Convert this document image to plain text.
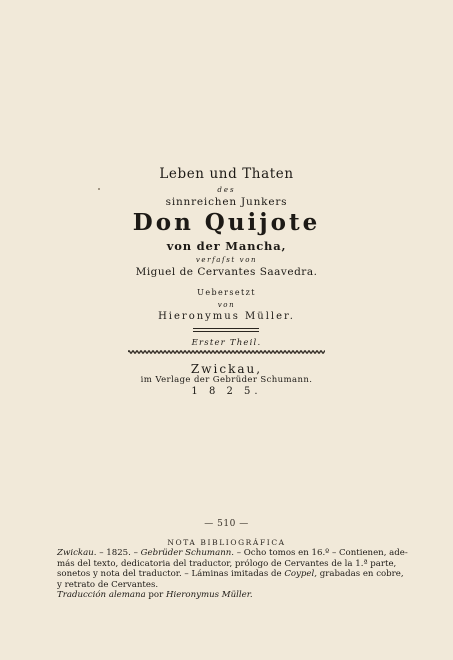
Leben und Thaten
des
sinnreichen Junkers
Don Quijote
von der Mancha,
verfaſst von
Miguel de Cervantes Saavedra.
Uebersetzt
von
Hieronymus Müller.
Erster Theil.
Zwickau,
im Verlage der Gebrüder Schumann.
1 8 2 5.
— 510 —
NOTA BIBLIOGRÁFICA
Zwickau. – 1825. – Gebrüder Schumann. – Ocho tomos en 16.º – Contienen, ade-
más del texto, dedicatoria del traductor, prólogo de Cervantes de la 1.ª parte,
sonetos y nota del traductor. – Láminas imitadas de Coypel, grabadas en cobre,
y retrato de Cervantes.
Traducción alemana por Hieronymus Müller.
